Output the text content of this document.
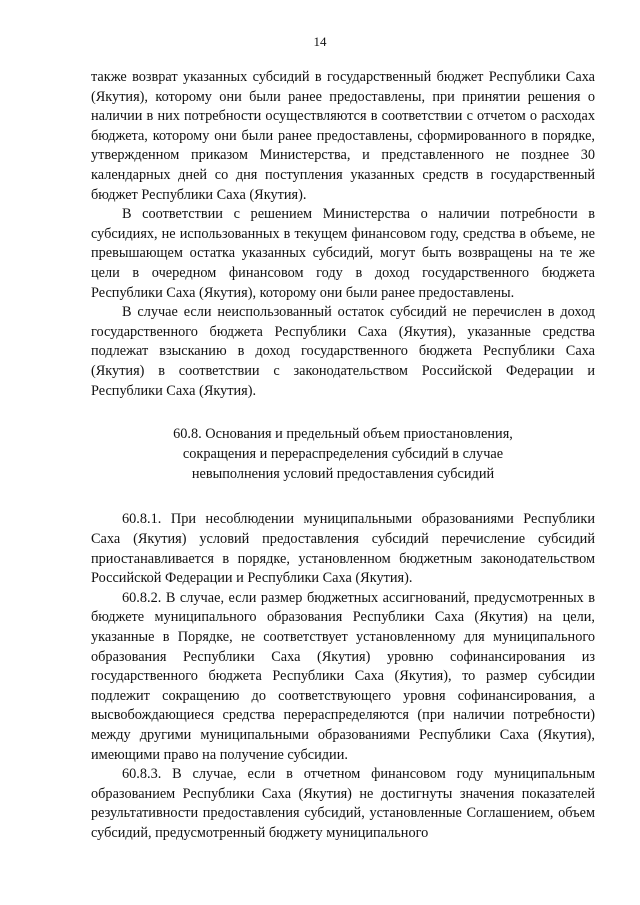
14

также возврат указанных субсидий в государственный бюджет Республики Саха (Якутия), которому они были ранее предоставлены, при принятии решения о наличии в них потребности осуществляются в соответствии с отчетом о расходах бюджета, которому они были ранее предоставлены, сформированного в порядке, утвержденном приказом Министерства, и представленного не позднее 30 календарных дней со дня поступления указанных средств в государственный бюджет Республики Саха (Якутия).

В соответствии с решением Министерства о наличии потребности в субсидиях, не использованных в текущем финансовом году, средства в объеме, не превышающем остатка указанных субсидий, могут быть возвращены на те же цели в очередном финансовом году в доход государственного бюджета Республики Саха (Якутия), которому они были ранее предоставлены.

В случае если неиспользованный остаток субсидий не перечислен в доход государственного бюджета Республики Саха (Якутия), указанные средства подлежат взысканию в доход государственного бюджета Республики Саха (Якутия) в соответствии с законодательством Российской Федерации и Республики Саха (Якутия).

60.8. Основания и предельный объем приостановления,
сокращения и перераспределения субсидий в случае
невыполнения условий предоставления субсидий

60.8.1. При несоблюдении муниципальными образованиями Республики Саха (Якутия) условий предоставления субсидий перечисление субсидий приостанавливается в порядке, установленном бюджетным законодательством Российской Федерации и Республики Саха (Якутия).

60.8.2. В случае, если размер бюджетных ассигнований, предусмотренных в бюджете муниципального образования Республики Саха (Якутия) на цели, указанные в Порядке, не соответствует установленному для муниципального образования Республики Саха (Якутия) уровню софинансирования из государственного бюджета Республики Саха (Якутия), то размер субсидии подлежит сокращению до соответствующего уровня софинансирования, а высвобождающиеся средства перераспределяются (при наличии потребности) между другими муниципальными образованиями Республики Саха (Якутия), имеющими право на получение субсидии.

60.8.3. В случае, если в отчетном финансовом году муниципальным образованием Республики Саха (Якутия) не достигнуты значения показателей результативности предоставления субсидий, установленные Соглашением, объем субсидий, предусмотренный бюджету муниципального
